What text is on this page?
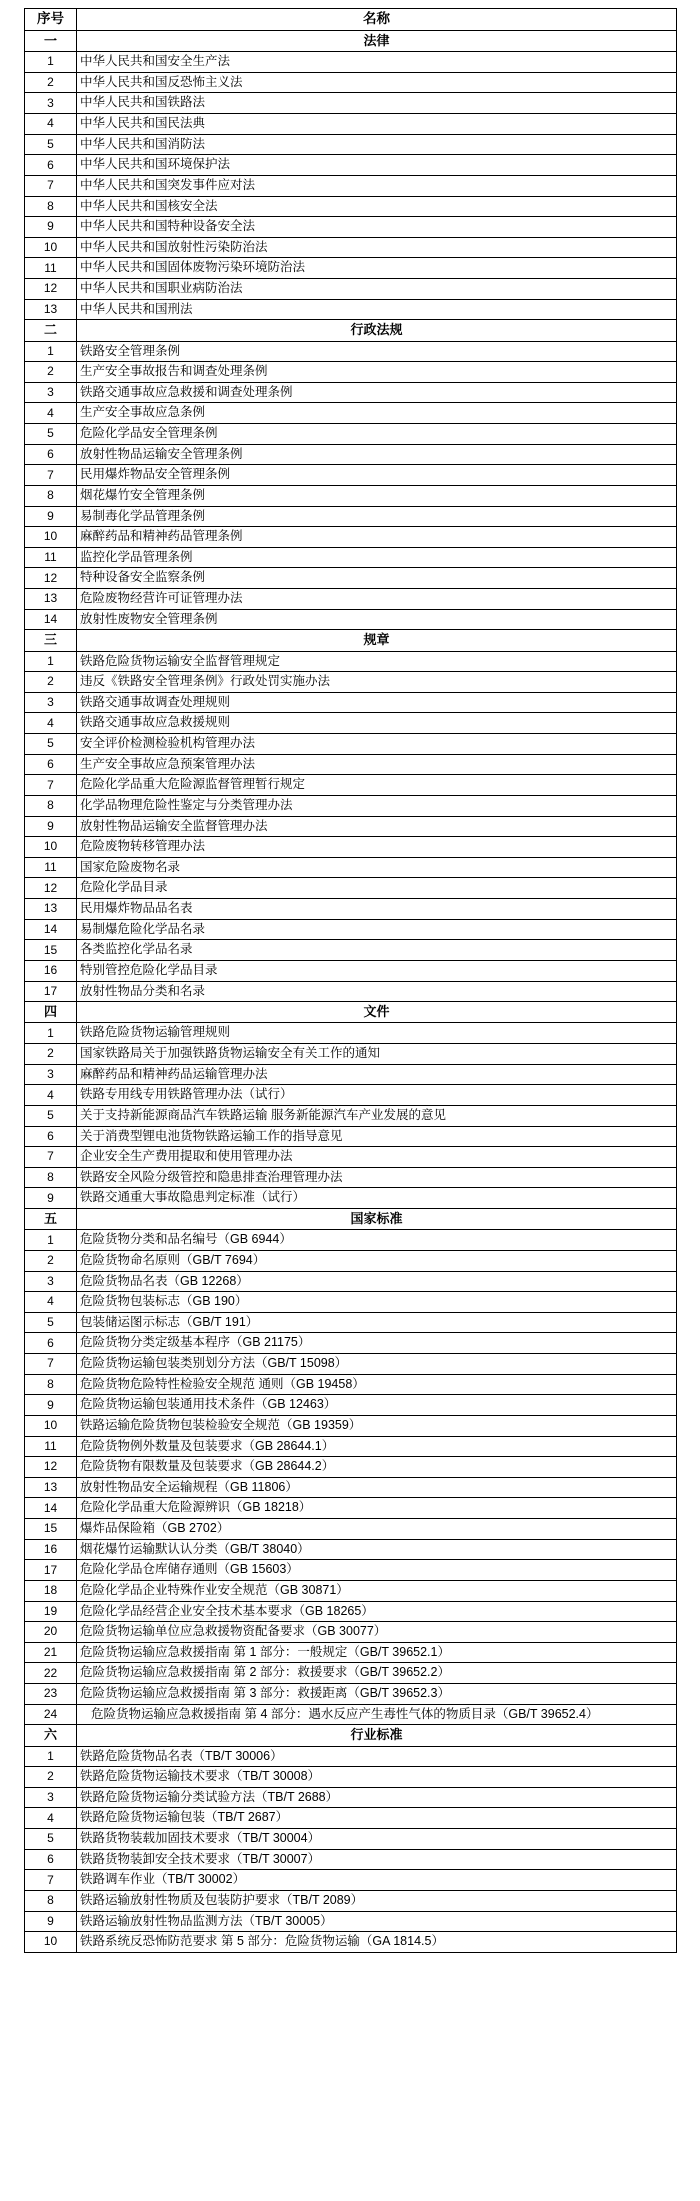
序号	名称
一	法律
1	中华人民共和国安全生产法
2	中华人民共和国反恐怖主义法
3	中华人民共和国铁路法
4	中华人民共和国民法典
5	中华人民共和国消防法
6	中华人民共和国环境保护法
7	中华人民共和国突发事件应对法
8	中华人民共和国核安全法
9	中华人民共和国特种设备安全法
10	中华人民共和国放射性污染防治法
11	中华人民共和国固体废物污染环境防治法
12	中华人民共和国职业病防治法
13	中华人民共和国刑法
二	行政法规
1	铁路安全管理条例
2	生产安全事故报告和调查处理条例
3	铁路交通事故应急救援和调查处理条例
4	生产安全事故应急条例
5	危险化学品安全管理条例
6	放射性物品运输安全管理条例
7	民用爆炸物品安全管理条例
8	烟花爆竹安全管理条例
9	易制毒化学品管理条例
10	麻醉药品和精神药品管理条例
11	监控化学品管理条例
12	特种设备安全监察条例
13	危险废物经营许可证管理办法
14	放射性废物安全管理条例
三	规章
1	铁路危险货物运输安全监督管理规定
2	违反《铁路安全管理条例》行政处罚实施办法
3	铁路交通事故调查处理规则
4	铁路交通事故应急救援规则
5	安全评价检测检验机构管理办法
6	生产安全事故应急预案管理办法
7	危险化学品重大危险源监督管理暂行规定
8	化学品物理危险性鉴定与分类管理办法
9	放射性物品运输安全监督管理办法
10	危险废物转移管理办法
11	国家危险废物名录
12	危险化学品目录
13	民用爆炸物品品名表
14	易制爆危险化学品名录
15	各类监控化学品名录
16	特别管控危险化学品目录
17	放射性物品分类和名录
四	文件
1	铁路危险货物运输管理规则
2	国家铁路局关于加强铁路货物运输安全有关工作的通知
3	麻醉药品和精神药品运输管理办法
4	铁路专用线专用铁路管理办法（试行）
5	关于支持新能源商品汽车铁路运输 服务新能源汽车产业发展的意见
6	关于消费型锂电池货物铁路运输工作的指导意见
7	企业安全生产费用提取和使用管理办法
8	铁路安全风险分级管控和隐患排查治理管理办法
9	铁路交通重大事故隐患判定标准（试行）
五	国家标准
1	危险货物分类和品名编号（GB 6944）
2	危险货物命名原则（GB/T 7694）
3	危险货物品名表（GB 12268）
4	危险货物包装标志（GB 190）
5	包装储运图示标志（GB/T 191）
6	危险货物分类定级基本程序（GB 21175）
7	危险货物运输包装类别划分方法（GB/T 15098）
8	危险货物危险特性检验安全规范 通则（GB 19458）
9	危险货物运输包装通用技术条件（GB 12463）
10	铁路运输危险货物包装检验安全规范（GB 19359）
11	危险货物例外数量及包装要求（GB 28644.1）
12	危险货物有限数量及包装要求（GB 28644.2）
13	放射性物品安全运输规程（GB 11806）
14	危险化学品重大危险源辨识（GB 18218）
15	爆炸品保险箱（GB 2702）
16	烟花爆竹运输默认认分类（GB/T 38040）
17	危险化学品仓库储存通则（GB 15603）
18	危险化学品企业特殊作业安全规范（GB 30871）
19	危险化学品经营企业安全技术基本要求（GB 18265）
20	危险货物运输单位应急救援物资配备要求（GB 30077）
21	危险货物运输应急救援指南 第 1 部分：一般规定（GB/T 39652.1）
22	危险货物运输应急救援指南 第 2 部分：救援要求（GB/T 39652.2）
23	危险货物运输应急救援指南 第 3 部分：救援距离（GB/T 39652.3）
24	危险货物运输应急救援指南 第 4 部分：遇水反应产生毒性气体的物质目录（GB/T 39652.4）
六	行业标准
1	铁路危险货物品名表（TB/T 30006）
2	铁路危险货物运输技术要求（TB/T 30008）
3	铁路危险货物运输分类试验方法（TB/T 2688）
4	铁路危险货物运输包装（TB/T 2687）
5	铁路货物装载加固技术要求（TB/T 30004）
6	铁路货物装卸安全技术要求（TB/T 30007）
7	铁路调车作业（TB/T 30002）
8	铁路运输放射性物质及包装防护要求（TB/T 2089）
9	铁路运输放射性物品监测方法（TB/T 30005）
10	铁路系统反恐怖防范要求 第 5 部分：危险货物运输（GA 1814.5）
